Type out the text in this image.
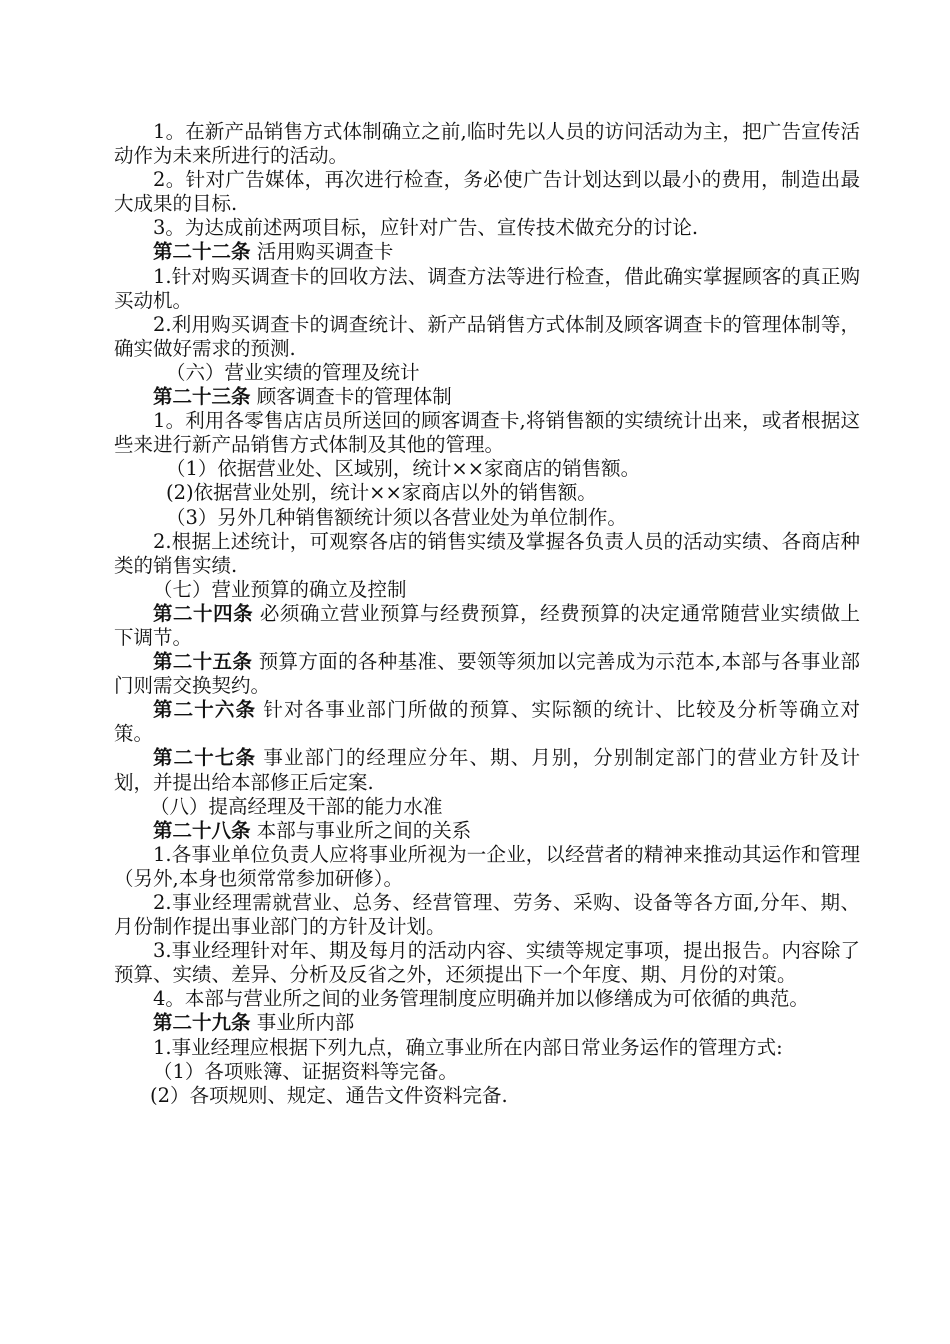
1。在新产品销售方式体制确立之前,临时先以人员的访问活动为主，把广告宣传活动作为未来所进行的活动。

2。针对广告媒体，再次进行检查，务必使广告计划达到以最小的费用，制造出最大成果的目标.

3。为达成前述两项目标，应针对广告、宣传技术做充分的讨论.

第二十二条 活用购买调查卡

1.针对购买调查卡的回收方法、调查方法等进行检查，借此确实掌握顾客的真正购买动机。

2.利用购买调查卡的调查统计、新产品销售方式体制及顾客调查卡的管理体制等，确实做好需求的预测.

（六）营业实绩的管理及统计

第二十三条 顾客调查卡的管理体制

1。利用各零售店店员所送回的顾客调查卡,将销售额的实绩统计出来，或者根据这些来进行新产品销售方式体制及其他的管理。

（1）依据营业处、区域别，统计××家商店的销售额。

(2)依据营业处别，统计××家商店以外的销售额。

（3）另外几种销售额统计须以各营业处为单位制作。

2.根据上述统计，可观察各店的销售实绩及掌握各负责人员的活动实绩、各商店种类的销售实绩.

（七）营业预算的确立及控制

第二十四条 必须确立营业预算与经费预算，经费预算的决定通常随营业实绩做上下调节。

第二十五条 预算方面的各种基准、要领等须加以完善成为示范本,本部与各事业部门则需交换契约。

第二十六条 针对各事业部门所做的预算、实际额的统计、比较及分析等确立对策。

第二十七条 事业部门的经理应分年、期、月别，分别制定部门的营业方针及计划，并提出给本部修正后定案.

（八）提高经理及干部的能力水准

第二十八条 本部与事业所之间的关系

1.各事业单位负责人应将事业所视为一企业，以经营者的精神来推动其运作和管理（另外,本身也须常常参加研修）。

2.事业经理需就营业、总务、经营管理、劳务、采购、设备等各方面,分年、期、月份制作提出事业部门的方针及计划。

3.事业经理针对年、期及每月的活动内容、实绩等规定事项，提出报告。内容除了预算、实绩、差异、分析及反省之外，还须提出下一个年度、期、月份的对策。

4。本部与营业所之间的业务管理制度应明确并加以修缮成为可依循的典范。

第二十九条 事业所内部

1.事业经理应根据下列九点，确立事业所在内部日常业务运作的管理方式:

（1）各项账簿、证据资料等完备。

(2）各项规则、规定、通告文件资料完备.
